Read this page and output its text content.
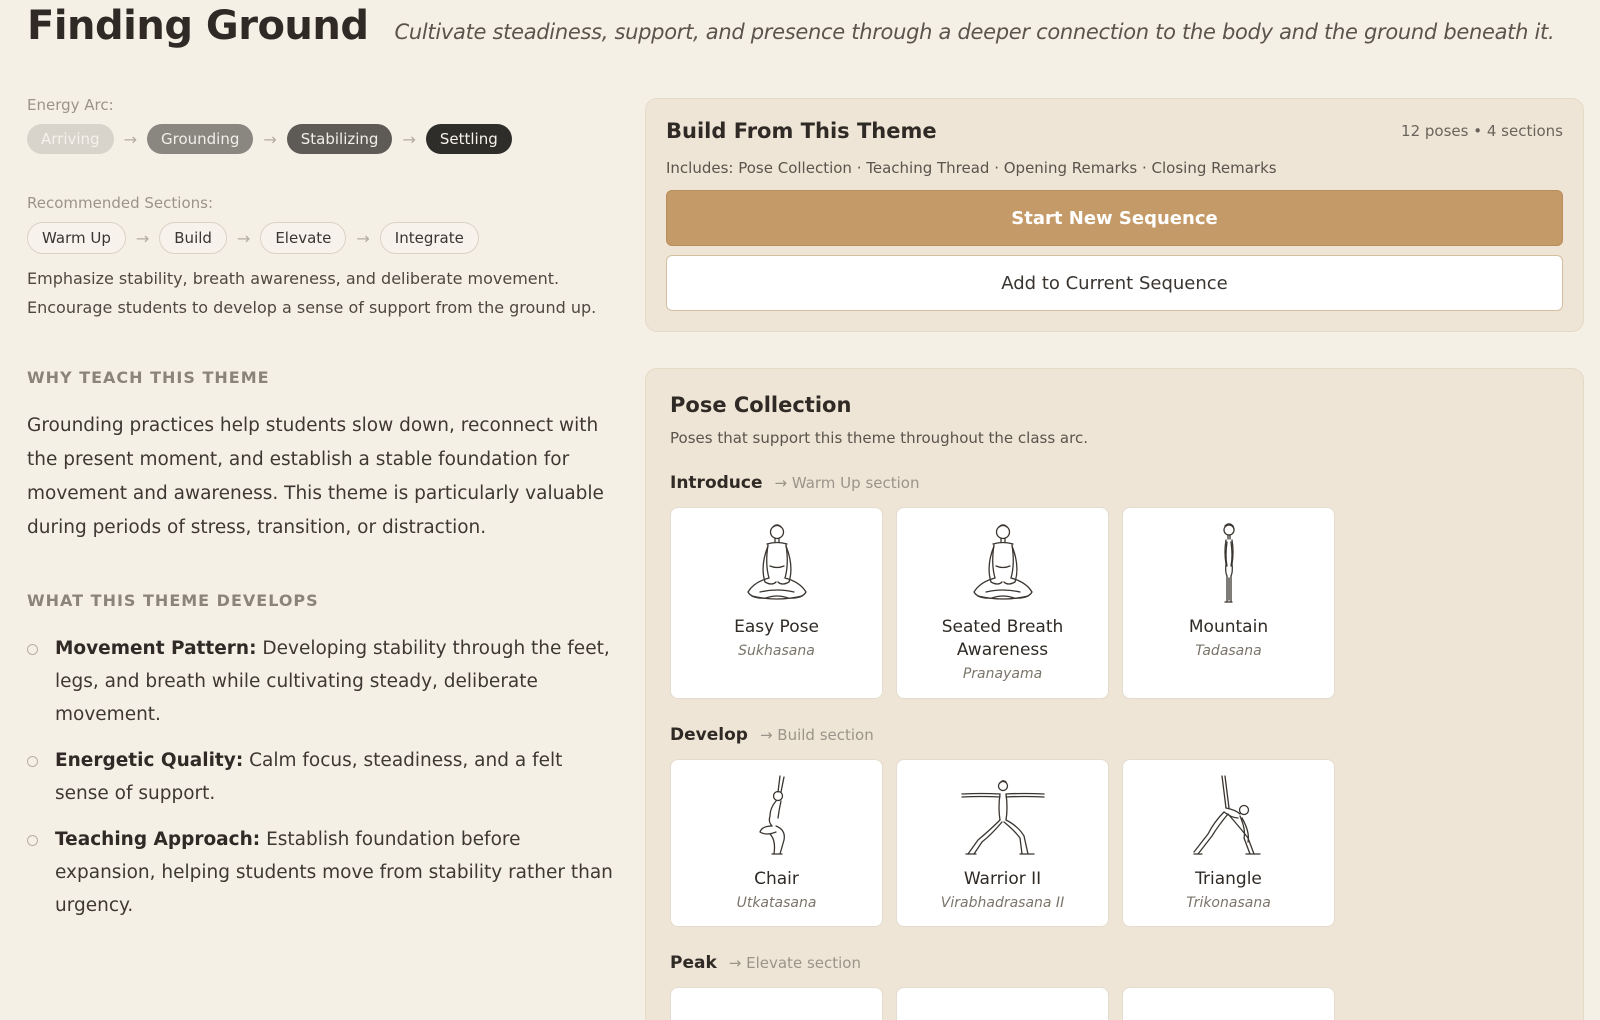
Finding Ground Cultivate steadiness, support, and presence through a deeper connection to the body and the ground beneath it.
Energy Arc:
Arriving	→	Grounding	→	Stabilizing	→	Settling
Recommended Sections:
Warm Up	→	Build	→	Elevate	→	Integrate

Emphasize stability, breath awareness, and deliberate movement. Encourage students to develop a sense of support from the ground up.

WHY TEACH THIS THEME

Grounding practices help students slow down, reconnect with the present moment, and establish a stable foundation for movement and awareness. This theme is particularly valuable during periods of stress, transition, or distraction.

WHAT THIS THEME DEVELOPS
Movement Pattern: Developing stability through the feet, legs, and breath while cultivating steady, deliberate movement.
Energetic Quality: Calm focus, steadiness, and a felt sense of support.
Teaching Approach: Establish foundation before expansion, helping students move from stability rather than urgency.
Build From This Theme	12 poses • 4 sections
Includes: Pose Collection · Teaching Thread · Opening Remarks · Closing Remarks
Start New Sequence
Add to Current Sequence
Pose Collection
Poses that support this theme throughout the class arc.
Introduce → Warm Up section
Easy Pose
Sukhasana
Seated Breath Awareness
Pranayama
Mountain
Tadasana
Develop → Build section
Chair
Utkatasana
Warrior II
Virabhadrasana II
Triangle
Trikonasana
Peak → Elevate section
